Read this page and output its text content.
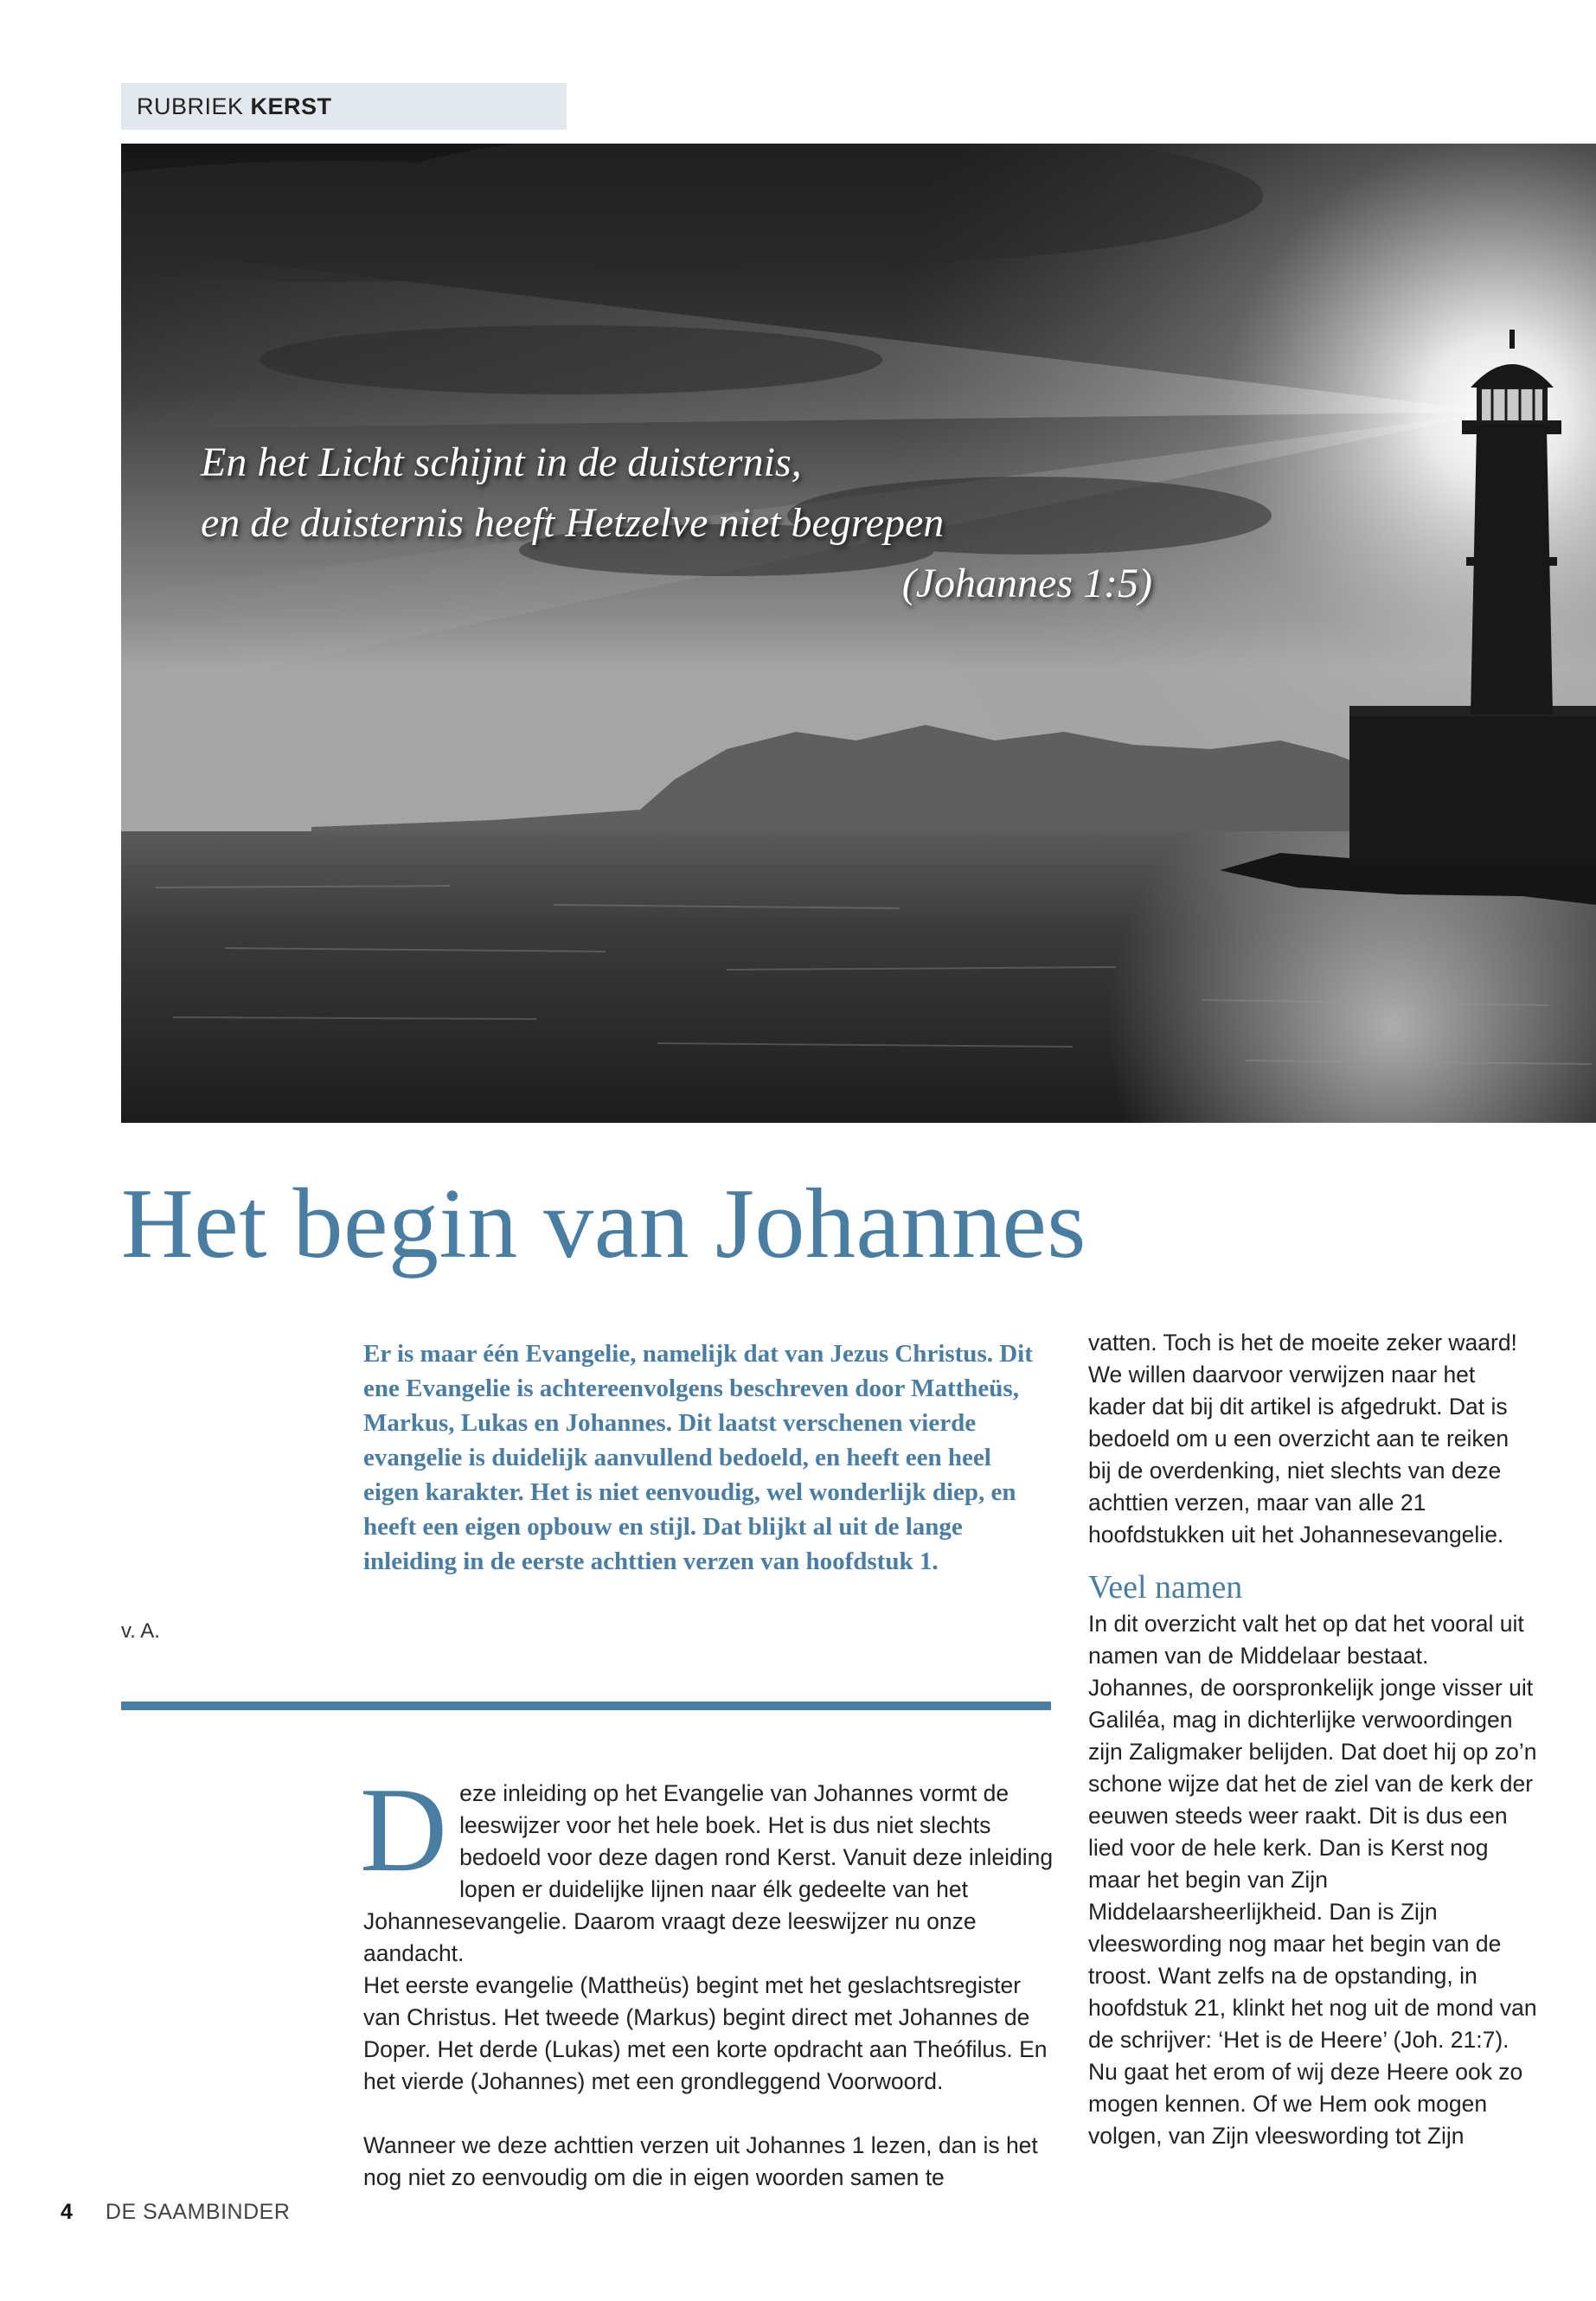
RUBRIEK KERST
En het Licht schijnt in de duisternis,
en de duisternis heeft Hetzelve niet begrepen
(Johannes 1:5)
Het begin van Johannes
v. A.

Er is maar één Evangelie, namelijk dat van Jezus Christus. Dit ene Evangelie is achtereenvolgens beschreven door Mattheüs, Markus, Lukas en Johannes. Dit laatst verschenen vierde evangelie is duidelijk aanvullend bedoeld, en heeft een heel eigen karakter. Het is niet eenvoudig, wel wonderlijk diep, en heeft een eigen opbouw en stijl. Dat blijkt al uit de lange inleiding in de eerste achttien verzen van hoofdstuk 1.

Deze inleiding op het Evangelie van Johannes vormt de leeswijzer voor het hele boek. Het is dus niet slechts bedoeld voor deze dagen rond Kerst. Vanuit deze inleiding lopen er duidelijke lijnen naar élk gedeelte van het Johannesevangelie. Daarom vraagt deze leeswijzer nu onze aandacht.

Het eerste evangelie (Mattheüs) begint met het geslachtsregister van Christus. Het tweede (Markus) begint direct met Johannes de Doper. Het derde (Lukas) met een korte opdracht aan Theófilus. En het vierde (Johannes) met een grondleggend Voorwoord.

Wanneer we deze achttien verzen uit Johannes 1 lezen, dan is het nog niet zo eenvoudig om die in eigen woorden samen te

vatten. Toch is het de moeite zeker waard! We willen daarvoor verwijzen naar het kader dat bij dit artikel is afgedrukt. Dat is bedoeld om u een overzicht aan te reiken bij de overdenking, niet slechts van deze achttien verzen, maar van alle 21 hoofdstukken uit het Johannesevangelie.

Veel namen

In dit overzicht valt het op dat het vooral uit namen van de Middelaar bestaat. Johannes, de oorspronkelijk jonge visser uit Galiléa, mag in dichterlijke verwoordingen zijn Zaligmaker belijden. Dat doet hij op zo’n schone wijze dat het de ziel van de kerk der eeuwen steeds weer raakt. Dit is dus een lied voor de hele kerk. Dan is Kerst nog maar het begin van Zijn Middelaarsheerlijkheid. Dan is Zijn vleeswording nog maar het begin van de troost. Want zelfs na de opstanding, in hoofdstuk 21, klinkt het nog uit de mond van de schrijver: ‘Het is de Heere’ (Joh. 21:7).

Nu gaat het erom of wij deze Heere ook zo mogen kennen. Of we Hem ook mogen volgen, van Zijn vleeswording tot Zijn

4 DE SAAMBINDER
